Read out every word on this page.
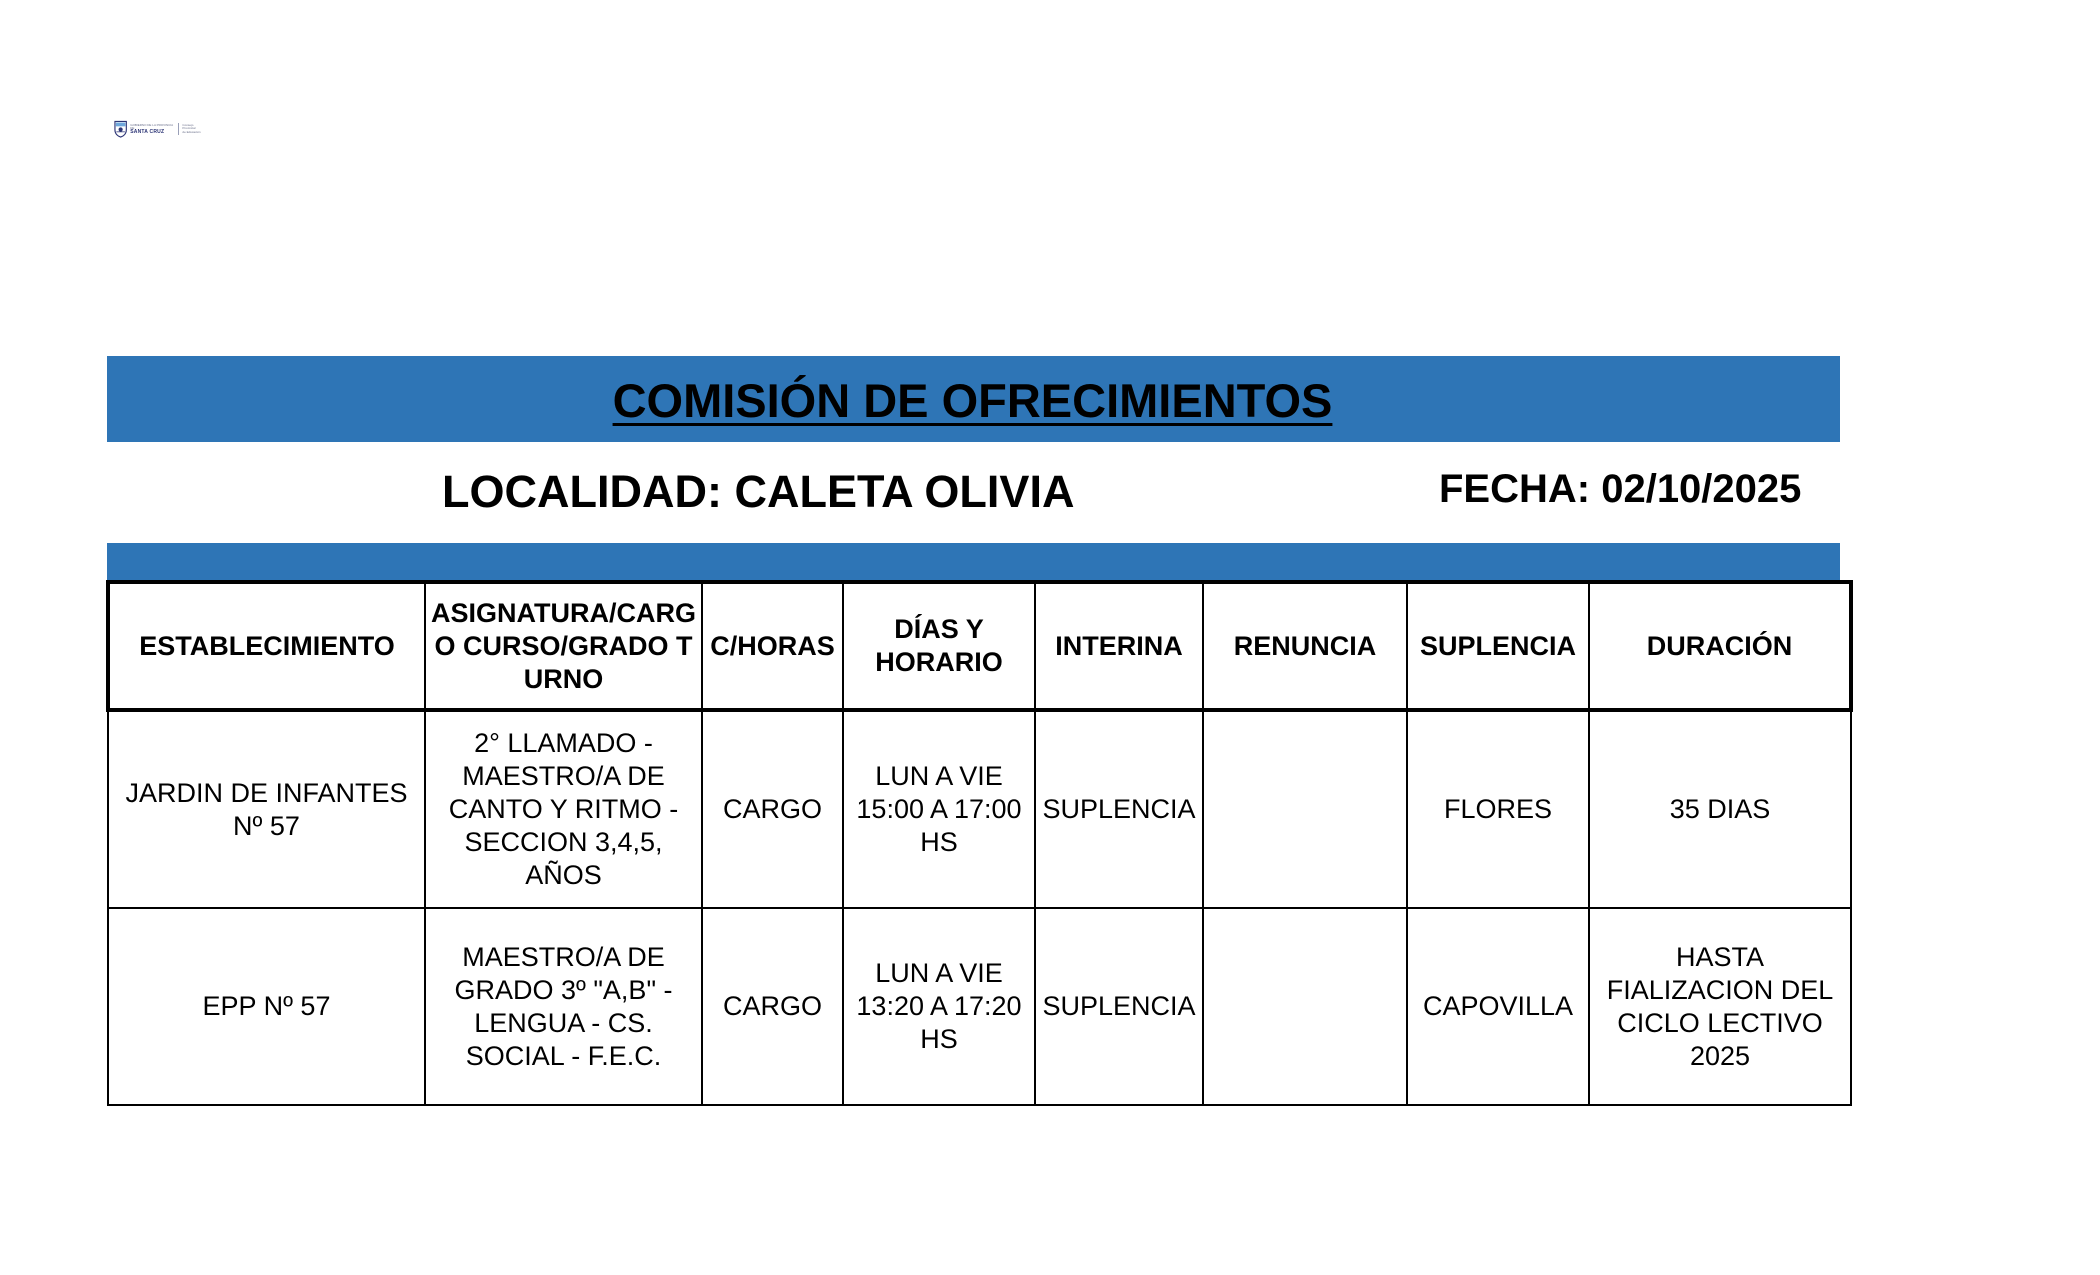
GOBIERNO DE LA PROVINCIA DE
SANTA CRUZ
Consejo Provincial
de Educación
COMISIÓN DE OFRECIMIENTOS
LOCALIDAD: CALETA OLIVIA	FECHA: 02/10/2025
ESTABLECIMIENTO	ASIGNATURA/CARGO CURSO/GRADO TURNO	C/HORAS	DÍAS Y HORARIO	INTERINA	RENUNCIA	SUPLENCIA	DURACIÓN
JARDIN DE INFANTES Nº 57	2° LLAMADO - MAESTRO/A DE CANTO Y RITMO - SECCION 3,4,5, AÑOS	CARGO	LUN A VIE 15:00 A 17:00 HS	SUPLENCIA		FLORES	35 DIAS
EPP Nº 57	MAESTRO/A DE GRADO 3º "A,B" - LENGUA - CS. SOCIAL - F.E.C.	CARGO	LUN A VIE 13:20 A 17:20 HS	SUPLENCIA		CAPOVILLA	HASTA FIALIZACION DEL CICLO LECTIVO 2025
